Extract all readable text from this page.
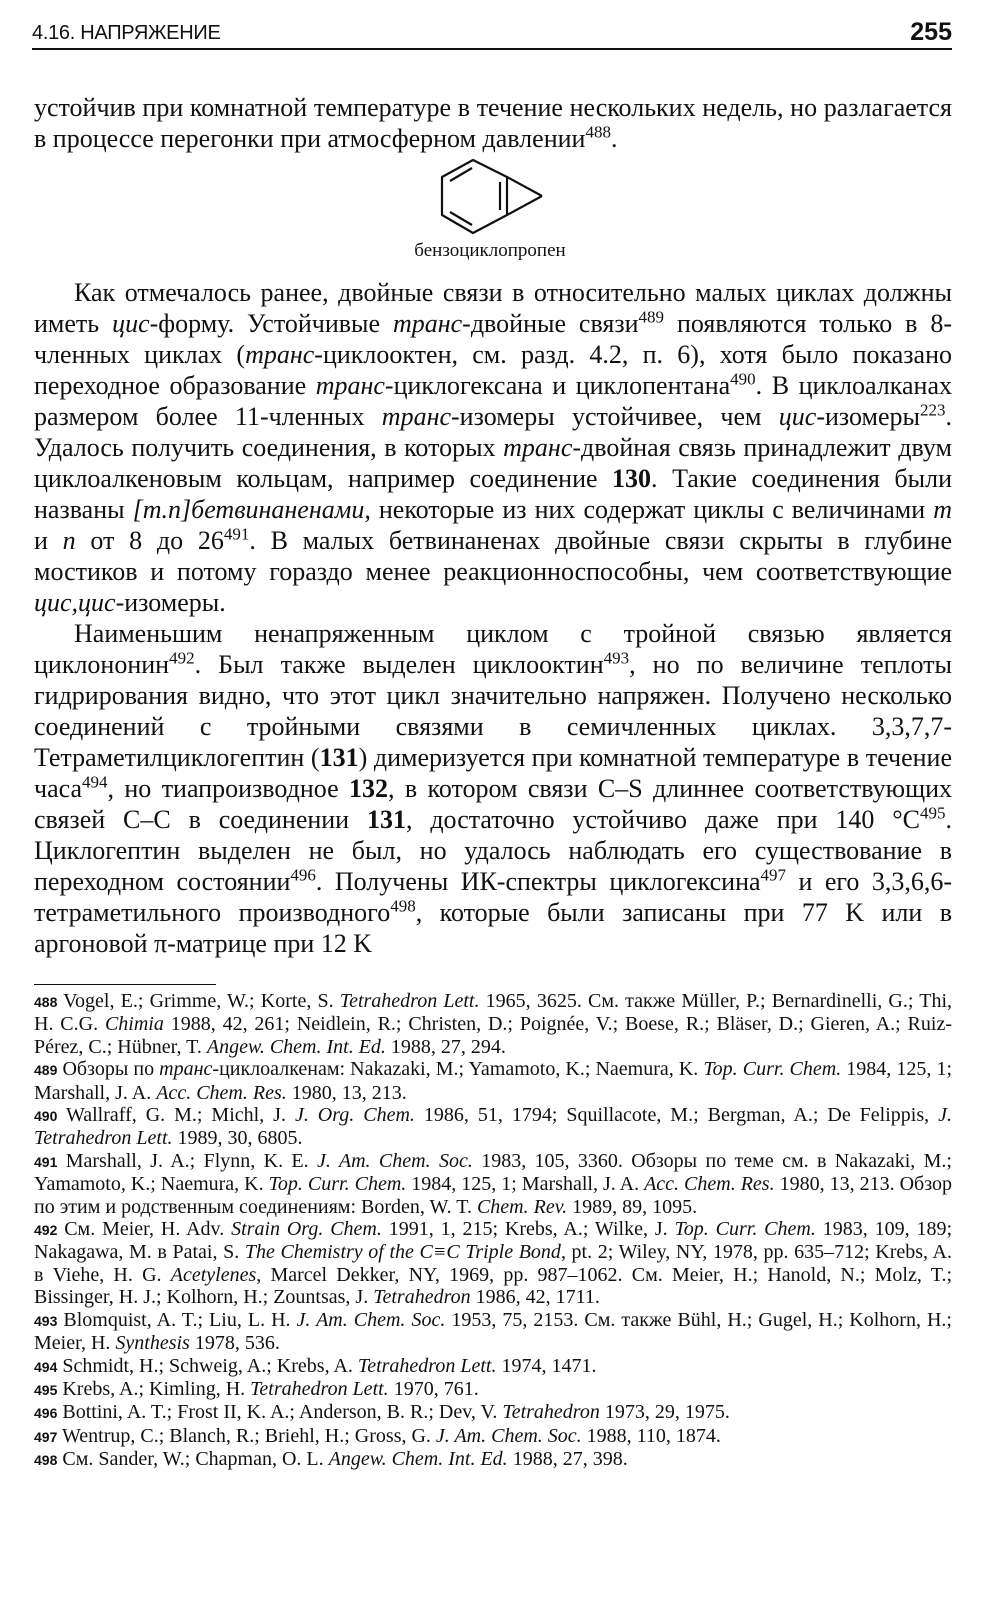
4.16. НАПРЯЖЕНИЕ	255

устойчив при комнатной температуре в течение нескольких недель, но разлагается в процессе перегонки при атмосферном давлении$^{488}$.

бензоциклопропен

Как отмечалось ранее, двойные связи в относительно малых циклах должны иметь цис-форму. Устойчивые транс-двойные связи$^{489}$ появляются только в 8-членных циклах (транс-циклооктен, см. разд. 4.2, п. 6), хотя было показано переходное образование транс-циклогексана и циклопентана$^{490}$. В циклоалканах размером более 11-членных транс-изомеры устойчивее, чем цис-изомеры$^{223}$. Удалось получить соединения, в которых транс-двойная связь принадлежит двум циклоалкеновым кольцам, например соединение 130. Такие соединения были названы [m.n]бетвинаненами, некоторые из них содержат циклы с величинами m и n от 8 до $26^{491}$. В малых бетвинаненах двойные связи скрыты в глубине мостиков и потому гораздо менее реакционноспособны, чем соответствующие цис,цис-изомеры.

Наименьшим ненапряженным циклом с тройной связью является циклононин$^{492}$. Был также выделен циклооктин$^{493}$, но по величине теплоты гидрирования видно, что этот цикл значительно напряжен. Получено несколько соединений с тройными связями в семичленных циклах. 3,3,7,7-Тетраметилциклогептин (131) димеризуется при комнатной температуре в течение часа$^{494}$, но тиапроизводное 132, в котором связи C–S длиннее соответствующих связей C–C в соединении 131, достаточно устойчиво даже при 140 $^\circ C^{495}$. Циклогептин выделен не был, но удалось наблюдать его существование в переходном состоянии$^{496}$. Получены ИК-спектры циклогексина$^{497}$ и его 3,3,6,6-тетраметильного производного$^{498}$, которые были записаны при 77 K или в аргоновой π-матрице при 12 K

488 Vogel, E.; Grimme, W.; Korte, S. Tetrahedron Lett. 1965, 3625. См. также Müller, P.; Bernardinelli, G.; Thi, H. C.G. Chimia 1988, 42, 261; Neidlein, R.; Christen, D.; Poignée, V.; Boese, R.; Bläser, D.; Gieren, A.; Ruiz-Pérez, C.; Hübner, T. Angew. Chem. Int. Ed. 1988, 27, 294.

489 Обзоры по транс-циклоалкенам: Nakazaki, M.; Yamamoto, K.; Naemura, K. Top. Curr. Chem. 1984, 125, 1; Marshall, J. A. Acc. Chem. Res. 1980, 13, 213.

490 Wallraff, G. M.; Michl, J. J. Org. Chem. 1986, 51, 1794; Squillacote, M.; Bergman, A.; De Felippis, J. Tetrahedron Lett. 1989, 30, 6805.

491 Marshall, J. A.; Flynn, K. E. J. Am. Chem. Soc. 1983, 105, 3360. Обзоры по теме см. в Nakazaki, M.; Yamamoto, K.; Naemura, K. Top. Curr. Chem. 1984, 125, 1; Marshall, J. A. Acc. Chem. Res. 1980, 13, 213. Обзор по этим и родственным соединениям: Borden, W. T. Chem. Rev. 1989, 89, 1095.

492 См. Meier, H. Adv. Strain Org. Chem. 1991, 1, 215; Krebs, A.; Wilke, J. Top. Curr. Chem. 1983, 109, 189; Nakagawa, M. в Patai, S. The Chemistry of the C≡C Triple Bond, pt. 2; Wiley, NY, 1978, pp. 635–712; Krebs, A. в Viehe, H. G. Acetylenes, Marcel Dekker, NY, 1969, pp. 987–1062. См. Meier, H.; Hanold, N.; Molz, T.; Bissinger, H. J.; Kolhorn, H.; Zountsas, J. Tetrahedron 1986, 42, 1711.

493 Blomquist, A. T.; Liu, L. H. J. Am. Chem. Soc. 1953, 75, 2153. См. также Bühl, H.; Gugel, H.; Kolhorn, H.; Meier, H. Synthesis 1978, 536.

494 Schmidt, H.; Schweig, A.; Krebs, A. Tetrahedron Lett. 1974, 1471.

495 Krebs, A.; Kimling, H. Tetrahedron Lett. 1970, 761.

496 Bottini, A. T.; Frost II, K. A.; Anderson, B. R.; Dev, V. Tetrahedron 1973, 29, 1975.

497 Wentrup, C.; Blanch, R.; Briehl, H.; Gross, G. J. Am. Chem. Soc. 1988, 110, 1874.

498 См. Sander, W.; Chapman, O. L. Angew. Chem. Int. Ed. 1988, 27, 398.
